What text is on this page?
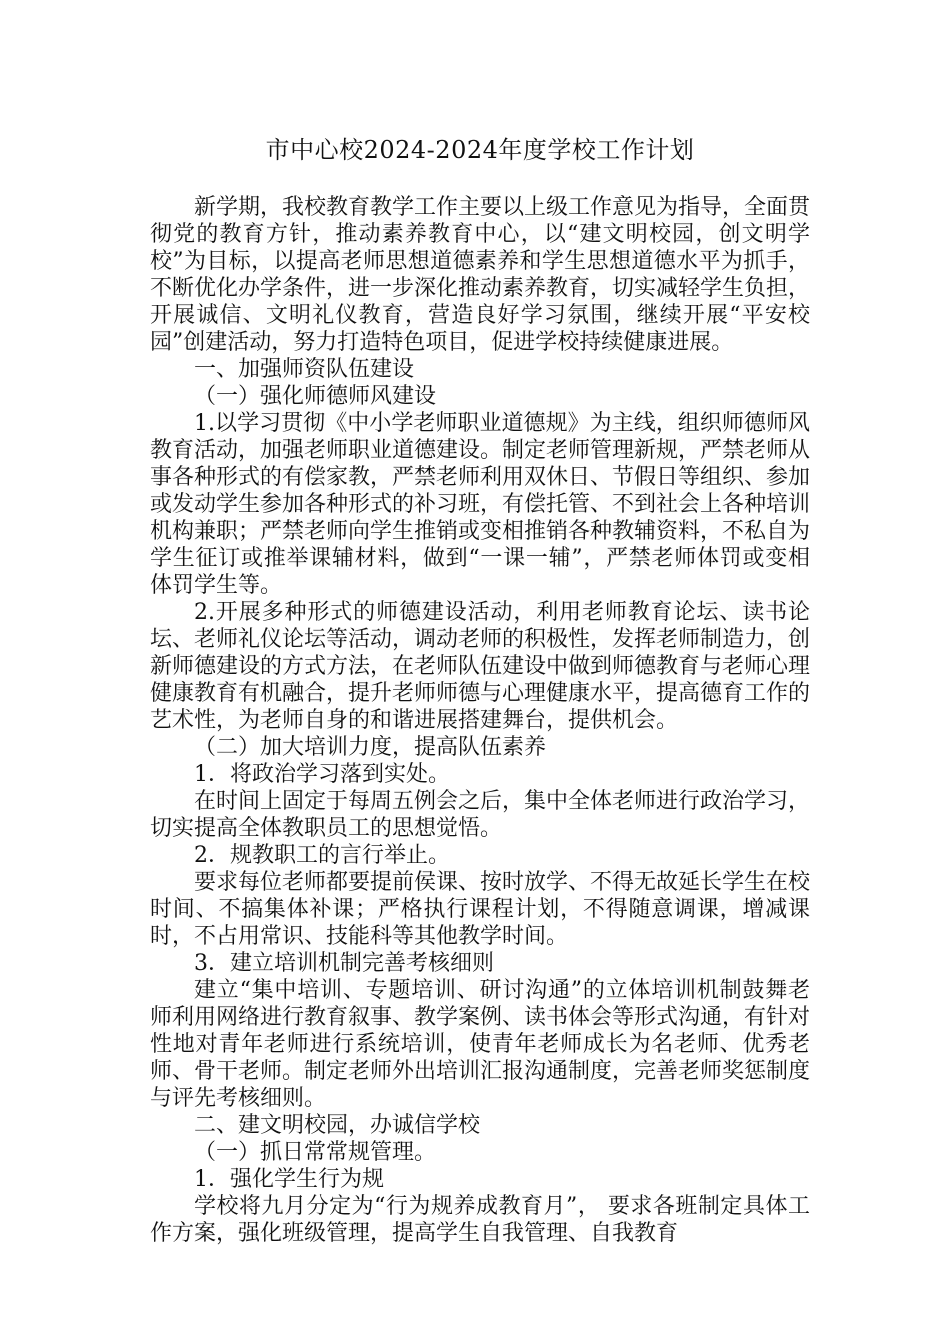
市中心校2024-2024年度学校工作计划

新学期，我校教育教学工作主要以上级工作意见为指导，全面贯彻党的教育方针，推动素养教育中心，以“建文明校园，创文明学校”为目标，以提高老师思想道德素养和学生思想道德水平为抓手，不断优化办学条件，进一步深化推动素养教育，切实减轻学生负担，开展诚信、文明礼仪教育，营造良好学习氛围，继续开展“平安校园”创建活动，努力打造特色项目，促进学校持续健康进展。

一、加强师资队伍建设

（一）强化师德师风建设

1.以学习贯彻《中小学老师职业道德规》为主线，组织师德师风教育活动，加强老师职业道德建设。制定老师管理新规，严禁老师从事各种形式的有偿家教，严禁老师利用双休日、节假日等组织、参加或发动学生参加各种形式的补习班，有偿托管、不到社会上各种培训机构兼职；严禁老师向学生推销或变相推销各种教辅资料，不私自为学生征订或推举课辅材料，做到“一课一辅”，严禁老师体罚或变相体罚学生等。

2.开展多种形式的师德建设活动，利用老师教育论坛、读书论坛、老师礼仪论坛等活动，调动老师的积极性，发挥老师制造力，创新师德建设的方式方法，在老师队伍建设中做到师德教育与老师心理健康教育有机融合，提升老师师德与心理健康水平，提高德育工作的艺术性，为老师自身的和谐进展搭建舞台，提供机会。

（二）加大培训力度，提高队伍素养

1．将政治学习落到实处。

在时间上固定于每周五例会之后，集中全体老师进行政治学习，切实提高全体教职员工的思想觉悟。

2．规教职工的言行举止。

要求每位老师都要提前侯课、按时放学、不得无故延长学生在校时间、不搞集体补课；严格执行课程计划，不得随意调课，增减课时，不占用常识、技能科等其他教学时间。

3．建立培训机制完善考核细则

建立“集中培训、专题培训、研讨沟通”的立体培训机制鼓舞老师利用网络进行教育叙事、教学案例、读书体会等形式沟通，有针对性地对青年老师进行系统培训，使青年老师成长为名老师、优秀老师、骨干老师。制定老师外出培训汇报沟通制度，完善老师奖惩制度与评先考核细则。

二、建文明校园，办诚信学校

（一）抓日常常规管理。

1．强化学生行为规

学校将九月分定为“行为规养成教育月”， 要求各班制定具体工作方案，强化班级管理，提高学生自我管理、自我教育
